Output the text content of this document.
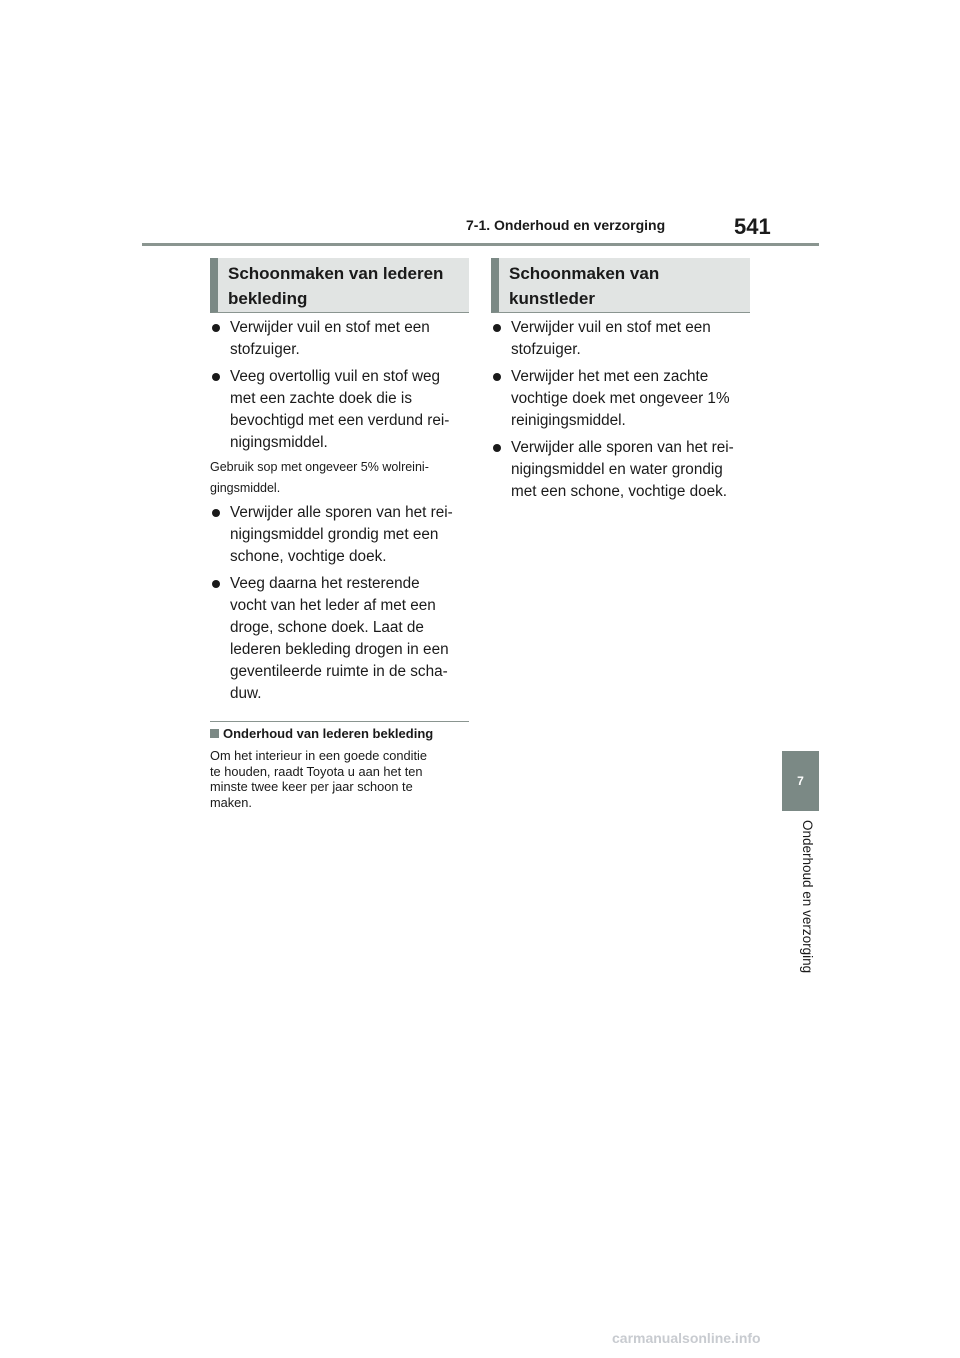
7-1. Onderhoud en verzorging	541
Schoonmaken van lederen
bekleding
Verwijder vuil en stof met een
stofzuiger.
Veeg overtollig vuil en stof weg
met een zachte doek die is
bevochtigd met een verdund rei-
nigingsmiddel.
Gebruik sop met ongeveer 5% wolreini-
gingsmiddel.
Verwijder alle sporen van het rei-
nigingsmiddel grondig met een
schone, vochtige doek.
Veeg daarna het resterende
vocht van het leder af met een
droge, schone doek. Laat de
lederen bekleding drogen in een
geventileerde ruimte in de scha-
duw.
Onderhoud van lederen bekleding
Om het interieur in een goede conditie
te houden, raadt Toyota u aan het ten
minste twee keer per jaar schoon te
maken.
Schoonmaken van
kunstleder
Verwijder vuil en stof met een
stofzuiger.
Verwijder het met een zachte
vochtige doek met ongeveer 1%
reinigingsmiddel.
Verwijder alle sporen van het rei-
nigingsmiddel en water grondig
met een schone, vochtige doek.
7
Onderhoud en verzorging
carmanualsonline.info
